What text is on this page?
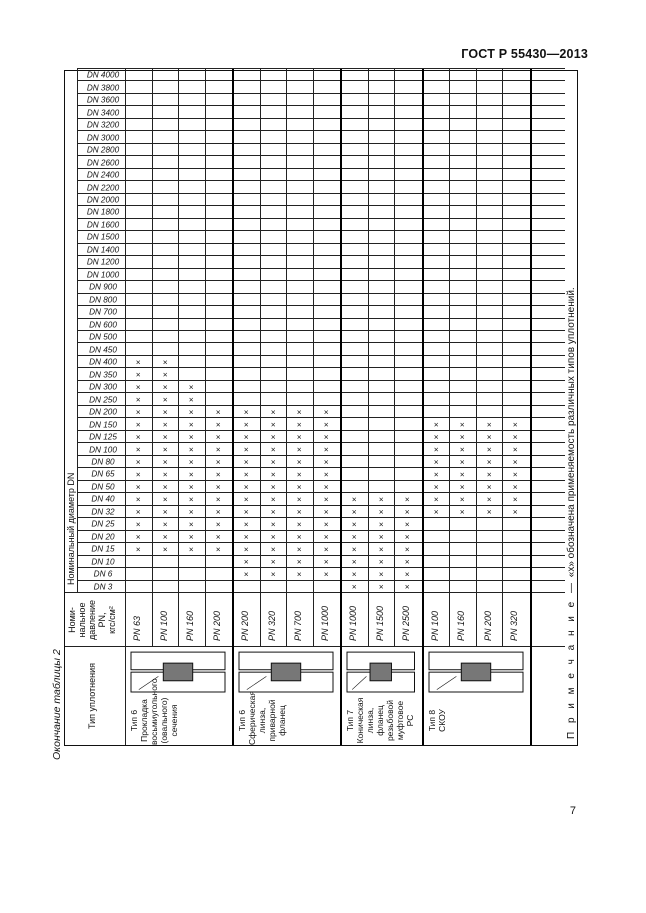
ГОСТ Р 55430—2013
7
Окончание таблицы 2
Номинальный диаметр DN
Тип уплотнения
Номи- нальное давление PN, кгс/см²
DN 3
DN 6
DN 10
DN 15
DN 20
DN 25
DN 32
DN 40
DN 50
DN 65
DN 80
DN 100
DN 125
DN 150
DN 200
DN 250
DN 300
DN 350
DN 400
DN 450
DN 500
DN 600
DN 700
DN 800
DN 900
DN 1000
DN 1200
DN 1400
DN 1500
DN 1600
DN 1800
DN 2000
DN 2200
DN 2400
DN 2600
DN 2800
DN 3000
DN 3200
DN 3400
DN 3600
DN 3800
DN 4000
PN 63
×
×
×
×
×
×
×
×
×
×
×
×
×
×
×
×
PN 100
×
×
×
×
×
×
×
×
×
×
×
×
×
×
×
×
PN 160
×
×
×
×
×
×
×
×
×
×
×
×
×
×
PN 200
×
×
×
×
×
×
×
×
×
×
×
×
Тип 6 Прокладка восьмиугольного (овального) сечения
PN 200
×
×
×
×
×
×
×
×
×
×
×
×
×
×
PN 320
×
×
×
×
×
×
×
×
×
×
×
×
×
×
PN 700
×
×
×
×
×
×
×
×
×
×
×
×
×
×
PN 1000
×
×
×
×
×
×
×
×
×
×
×
×
×
×
Тип 6 Сферическая линза, приварной фланец
PN 1000
×
×
×
×
×
×
×
×
PN 1500
×
×
×
×
×
×
×
×
PN 2500
×
×
×
×
×
×
×
×
Тип 7 Коническая линза, фланец резьбовой муфтовое РС
PN 100
×
×
×
×
×
×
×
×
PN 160
×
×
×
×
×
×
×
×
PN 200
×
×
×
×
×
×
×
×
PN 320
×
×
×
×
×
×
×
×
Тип 8 СКОУ	П р и м е ч а н и е — «х» обозначена применяемость различных типов уплотнений.
